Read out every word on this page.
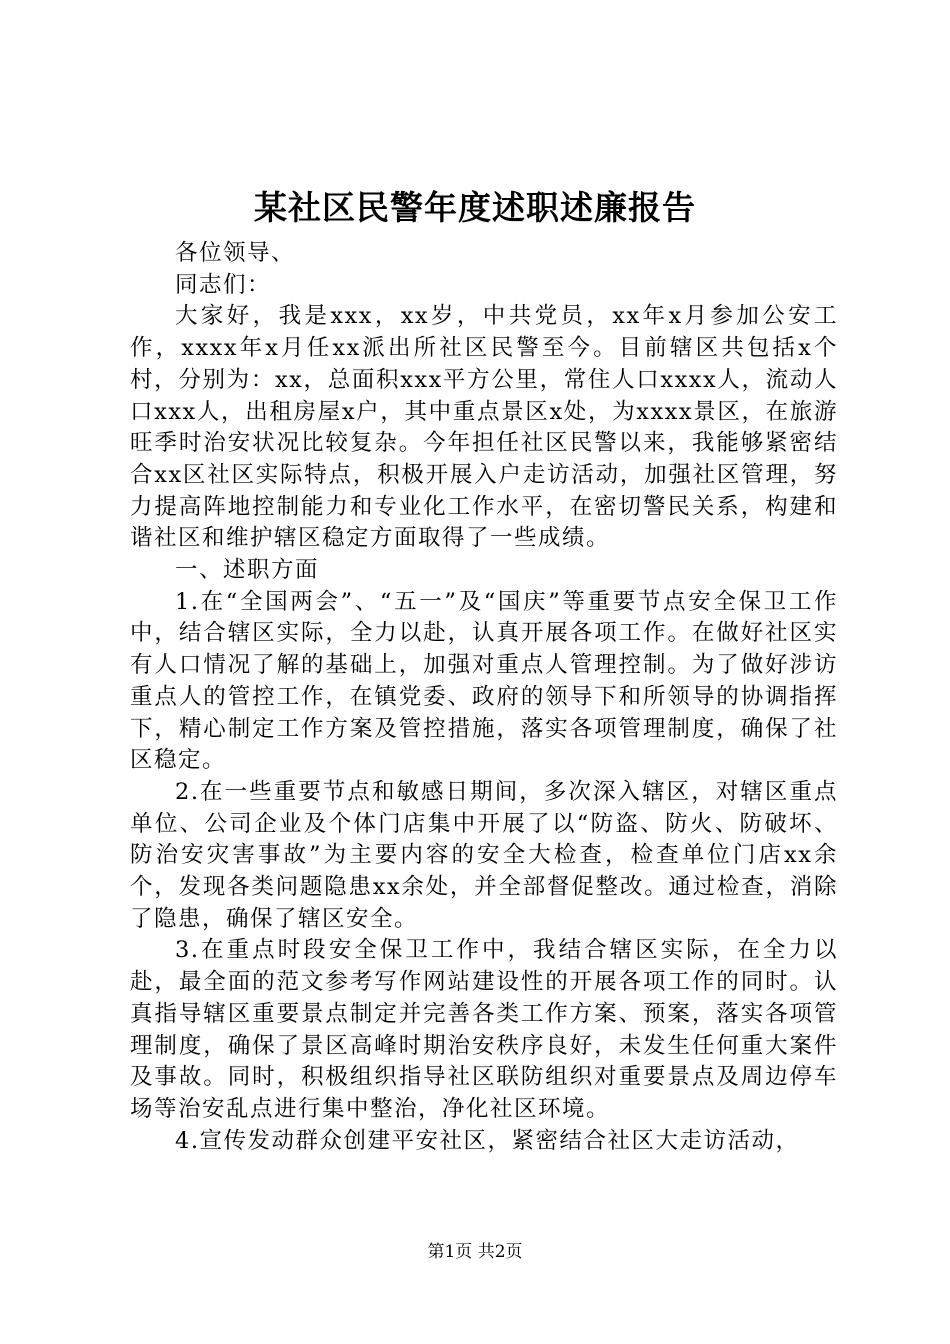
某社区民警年度述职述廉报告

各位领导、

同志们：

大家好，我是xxx，xx岁，中共党员，xx年x月参加公安工作，xxxx年x月任xx派出所社区民警至今。目前辖区共包括x个村，分别为：xx，总面积xxx平方公里，常住人口xxxx人，流动人口xxx人，出租房屋x户，其中重点景区x处，为xxxx景区，在旅游旺季时治安状况比较复杂。今年担任社区民警以来，我能够紧密结合xx区社区实际特点，积极开展入户走访活动，加强社区管理，努力提高阵地控制能力和专业化工作水平，在密切警民关系，构建和谐社区和维护辖区稳定方面取得了一些成绩。

一、述职方面

1.在“全国两会”、“五一”及“国庆”等重要节点安全保卫工作中，结合辖区实际，全力以赴，认真开展各项工作。在做好社区实有人口情况了解的基础上，加强对重点人管理控制。为了做好涉访重点人的管控工作，在镇党委、政府的领导下和所领导的协调指挥下，精心制定工作方案及管控措施，落实各项管理制度，确保了社区稳定。

2.在一些重要节点和敏感日期间，多次深入辖区，对辖区重点单位、公司企业及个体门店集中开展了以“防盗、防火、防破坏、防治安灾害事故”为主要内容的安全大检查，检查单位门店xx余个，发现各类问题隐患xx余处，并全部督促整改。通过检查，消除了隐患，确保了辖区安全。

3.在重点时段安全保卫工作中，我结合辖区实际，在全力以赴，最全面的范文参考写作网站建设性的开展各项工作的同时。认真指导辖区重要景点制定并完善各类工作方案、预案，落实各项管理制度，确保了景区高峰时期治安秩序良好，未发生任何重大案件及事故。同时，积极组织指导社区联防组织对重要景点及周边停车场等治安乱点进行集中整治，净化社区环境。

4.宣传发动群众创建平安社区，紧密结合社区大走访活动，

第1页 共2页
